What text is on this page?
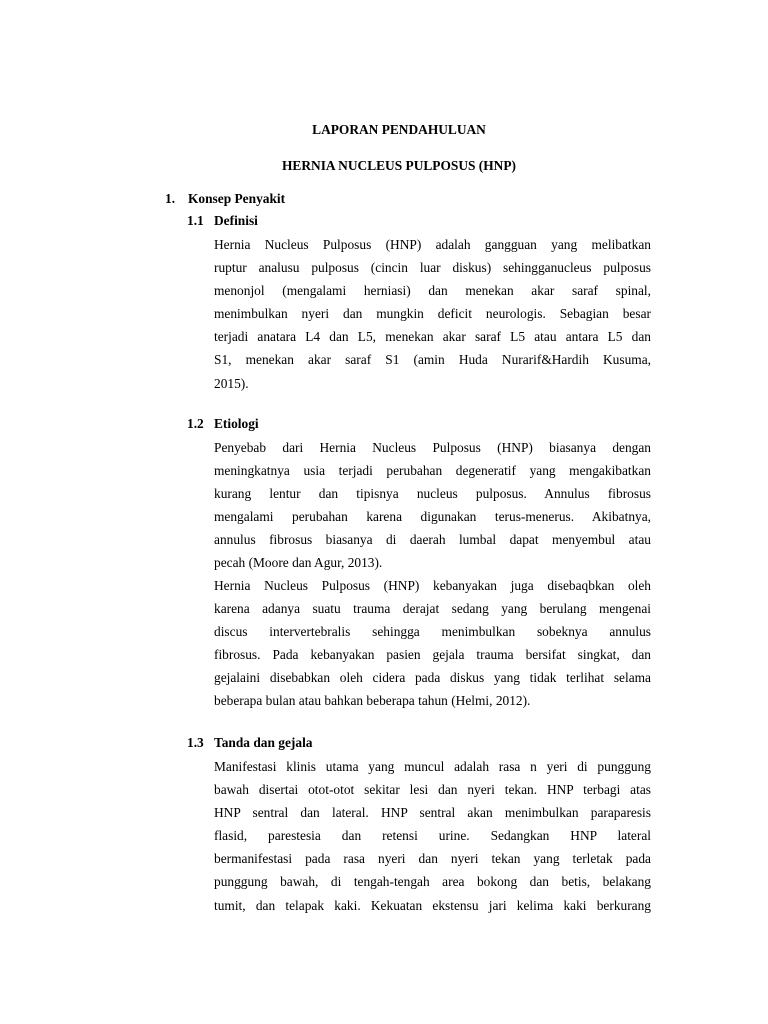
LAPORAN PENDAHULUAN
HERNIA NUCLEUS PULPOSUS (HNP)
1. Konsep Penyakit
1.1 Definisi
Hernia Nucleus Pulposus (HNP) adalah gangguan yang melibatkan
ruptur analusu pulposus (cincin luar diskus) sehingganucleus pulposus
menonjol (mengalami herniasi) dan menekan akar saraf spinal,
menimbulkan nyeri dan mungkin deficit neurologis. Sebagian besar
terjadi anatara L4 dan L5, menekan akar saraf L5 atau antara L5 dan
S1, menekan akar saraf S1 (amin Huda Nurarif&Hardih Kusuma,
2015).
1.2 Etiologi
Penyebab dari Hernia Nucleus Pulposus (HNP) biasanya dengan
meningkatnya usia terjadi perubahan degeneratif yang mengakibatkan
kurang lentur dan tipisnya nucleus pulposus. Annulus fibrosus
mengalami perubahan karena digunakan terus-menerus. Akibatnya,
annulus fibrosus biasanya di daerah lumbal dapat menyembul atau
pecah (Moore dan Agur, 2013).
Hernia Nucleus Pulposus (HNP) kebanyakan juga disebaqbkan oleh
karena adanya suatu trauma derajat sedang yang berulang mengenai
discus intervertebralis sehingga menimbulkan sobeknya annulus
fibrosus. Pada kebanyakan pasien gejala trauma bersifat singkat, dan
gejalaini disebabkan oleh cidera pada diskus yang tidak terlihat selama
beberapa bulan atau bahkan beberapa tahun (Helmi, 2012).
1.3 Tanda dan gejala
Manifestasi klinis utama yang muncul adalah rasa n yeri di punggung
bawah disertai otot-otot sekitar lesi dan nyeri tekan. HNP terbagi atas
HNP sentral dan lateral. HNP sentral akan menimbulkan paraparesis
flasid, parestesia dan retensi urine. Sedangkan HNP lateral
bermanifestasi pada rasa nyeri dan nyeri tekan yang terletak pada
punggung bawah, di tengah-tengah area bokong dan betis, belakang
tumit, dan telapak kaki. Kekuatan ekstensu jari kelima kaki berkurang
